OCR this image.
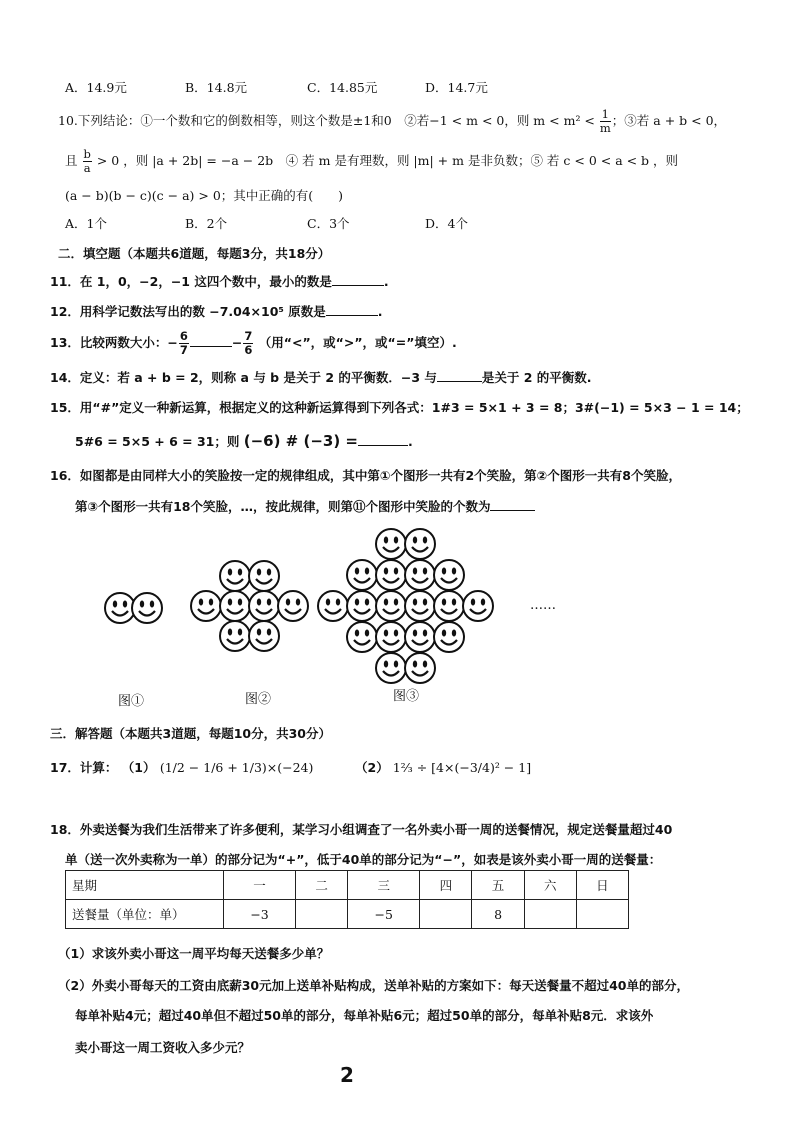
A．14.9元	B．14.8元	C．14.85元	D．14.7元
10.下列结论：①一个数和它的倒数相等，则这个数是±1和0　②若−1 < m < 0，则 $m < m^2 < \frac{1}{m}$ ；③若 a + b < 0，
且 $\frac{b}{a} > 0$ ，则 |a + 2b| = −a − 2b　④ 若 m 是有理数，则 |m| + m 是非负数；⑤ 若 c < 0 < a < b ，则
(a − b)(b − c)(c − a) > 0；其中正确的有(　　)
A．1个	B．2个	C．3个	D．4个
二．填空题（本题共6道题，每题3分，共18分）
11．在 1，0，−2，−1 这四个数中，最小的数是	.
12．用科学记数法写出的数 −7.04×10⁵ 原数是	.
13．比较两数大小：− $\frac{6}{7}$	− $\frac{7}{6}$ （用“<”，或“>”，或“=”填空）.
14．定义：若 a + b = 2，则称 a 与 b 是关于 2 的平衡数．−3 与	是关于 2 的平衡数.
15．用“#”定义一种新运算，根据定义的这种新运算得到下列各式：1#3 = 5×1 + 3 = 8；3#(−1) = 5×3 − 1 = 14；
5#6 = 5×5 + 6 = 31；则 (−6) # (−3) =	.
16．如图都是由同样大小的笑脸按一定的规律组成，其中第①个图形一共有2个笑脸，第②个图形一共有8个笑脸，
第③个图形一共有18个笑脸，…，按此规律，则第⑪个图形中笑脸的个数为
……
图①	图②	图③
三．解答题（本题共3道题，每题10分，共30分）
17．计算： （1） (1/2 − 1/6 + 1/3)×(−24)	（2） 1⅔ ÷ [4×(−3/4)² − 1]
18．外卖送餐为我们生活带来了许多便利，某学习小组调查了一名外卖小哥一周的送餐情况，规定送餐量超过40
单（送一次外卖称为一单）的部分记为“+”，低于40单的部分记为“−”，如表是该外卖小哥一周的送餐量：
星期	一	二	三	四	五	六	日
送餐量（单位：单）	−3		−5		8		
（1）求该外卖小哥这一周平均每天送餐多少单？
（2）外卖小哥每天的工资由底薪30元加上送单补贴构成，送单补贴的方案如下：每天送餐量不超过40单的部分，
每单补贴4元；超过40单但不超过50单的部分，每单补贴6元；超过50单的部分，每单补贴8元．求该外
卖小哥这一周工资收入多少元？
2
